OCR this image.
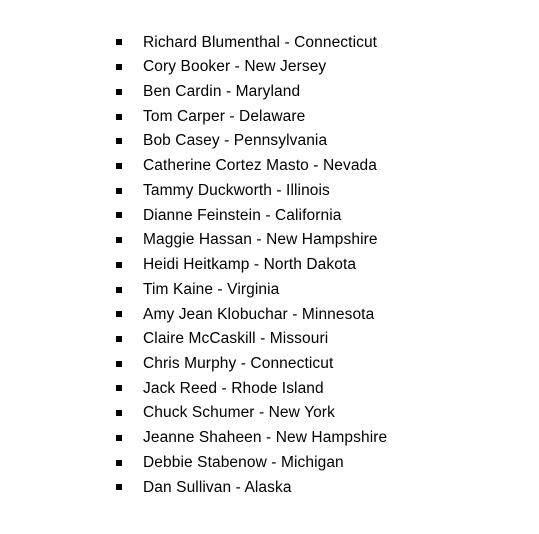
Richard Blumenthal - Connecticut
Cory Booker - New Jersey
Ben Cardin - Maryland
Tom Carper - Delaware
Bob Casey - Pennsylvania
Catherine Cortez Masto - Nevada
Tammy Duckworth - Illinois
Dianne Feinstein - California
Maggie Hassan - New Hampshire
Heidi Heitkamp - North Dakota
Tim Kaine - Virginia
Amy Jean Klobuchar - Minnesota
Claire McCaskill - Missouri
Chris Murphy - Connecticut
Jack Reed - Rhode Island
Chuck Schumer - New York
Jeanne Shaheen - New Hampshire
Debbie Stabenow - Michigan
Dan Sullivan - Alaska
